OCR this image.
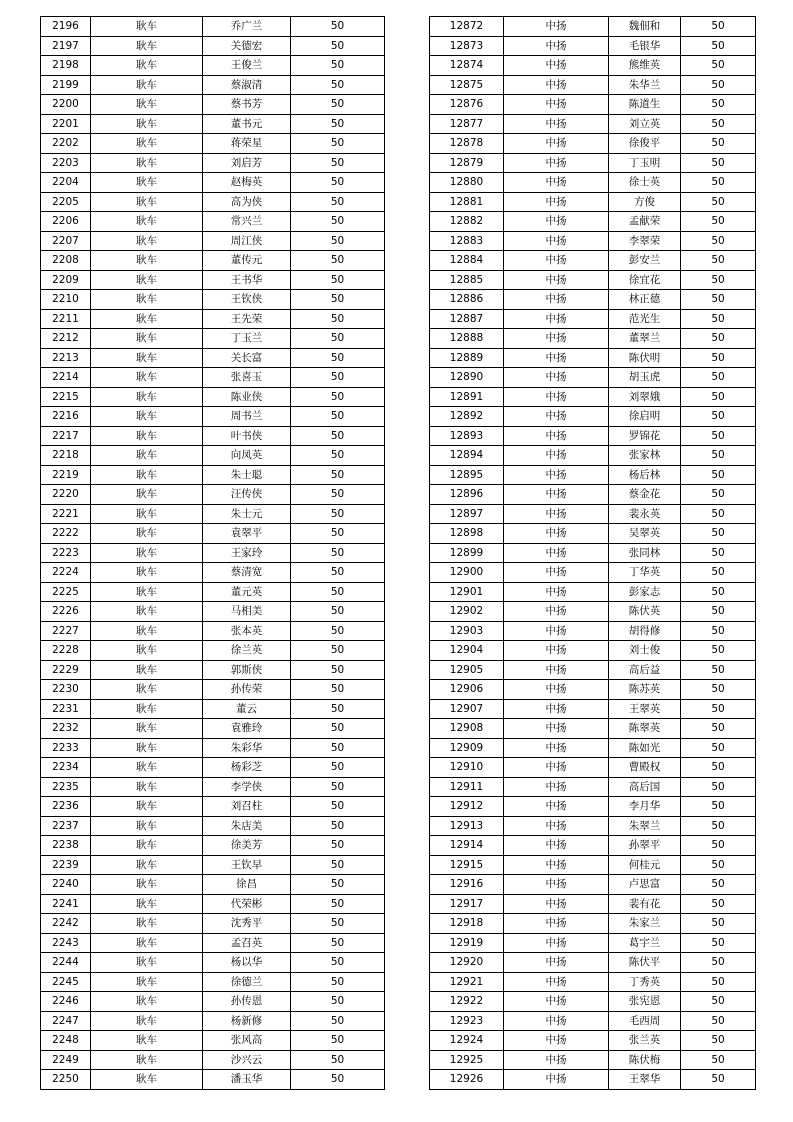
2196	耿车	乔广兰	50
2197	耿车	关德宏	50
2198	耿车	王俊兰	50
2199	耿车	蔡淑清	50
2200	耿车	蔡书芳	50
2201	耿车	董书元	50
2202	耿车	蒋荣星	50
2203	耿车	刘启芳	50
2204	耿车	赵梅英	50
2205	耿车	高为侠	50
2206	耿车	常兴兰	50
2207	耿车	周江侠	50
2208	耿车	董传元	50
2209	耿车	王书华	50
2210	耿车	王钦侠	50
2211	耿车	王先荣	50
2212	耿车	丁玉兰	50
2213	耿车	关长富	50
2214	耿车	张喜玉	50
2215	耿车	陈业侠	50
2216	耿车	周书兰	50
2217	耿车	叶书侠	50
2218	耿车	向凤英	50
2219	耿车	朱士聪	50
2220	耿车	汪传侠	50
2221	耿车	朱士元	50
2222	耿车	袁翠平	50
2223	耿车	王家玲	50
2224	耿车	蔡清宽	50
2225	耿车	董元英	50
2226	耿车	马相美	50
2227	耿车	张本英	50
2228	耿车	徐兰英	50
2229	耿车	郭斯侠	50
2230	耿车	孙传荣	50
2231	耿车	董云	50
2232	耿车	袁雅玲	50
2233	耿车	朱彩华	50
2234	耿车	杨彩芝	50
2235	耿车	李学侠	50
2236	耿车	刘召柱	50
2237	耿车	朱店美	50
2238	耿车	徐美芳	50
2239	耿车	王钦早	50
2240	耿车	徐昌	50
2241	耿车	代荣彬	50
2242	耿车	沈秀平	50
2243	耿车	孟召英	50
2244	耿车	杨以华	50
2245	耿车	徐德兰	50
2246	耿车	孙传恩	50
2247	耿车	杨新修	50
2248	耿车	张风高	50
2249	耿车	沙兴云	50
2250	耿车	潘玉华	50
12872	中扬	魏佃和	50
12873	中扬	毛银华	50
12874	中扬	熊维英	50
12875	中扬	朱华兰	50
12876	中扬	陈道生	50
12877	中扬	刘立英	50
12878	中扬	徐俊平	50
12879	中扬	丁玉明	50
12880	中扬	徐士英	50
12881	中扬	方俊	50
12882	中扬	孟献荣	50
12883	中扬	李翠荣	50
12884	中扬	彭安兰	50
12885	中扬	徐宜花	50
12886	中扬	林正德	50
12887	中扬	范光生	50
12888	中扬	董翠兰	50
12889	中扬	陈伏明	50
12890	中扬	胡玉虎	50
12891	中扬	刘翠娥	50
12892	中扬	徐启明	50
12893	中扬	罗锦花	50
12894	中扬	张家林	50
12895	中扬	杨后林	50
12896	中扬	蔡金花	50
12897	中扬	裴永英	50
12898	中扬	吴翠英	50
12899	中扬	张同林	50
12900	中扬	丁华英	50
12901	中扬	彭家志	50
12902	中扬	陈伏英	50
12903	中扬	胡得修	50
12904	中扬	刘士俊	50
12905	中扬	高后益	50
12906	中扬	陈苏英	50
12907	中扬	王翠英	50
12908	中扬	陈翠英	50
12909	中扬	陈如光	50
12910	中扬	曹殿权	50
12911	中扬	高后国	50
12912	中扬	李月华	50
12913	中扬	朱翠兰	50
12914	中扬	孙翠平	50
12915	中扬	何桂元	50
12916	中扬	卢思富	50
12917	中扬	裴有花	50
12918	中扬	朱家兰	50
12919	中扬	葛宇兰	50
12920	中扬	陈伏平	50
12921	中扬	丁秀英	50
12922	中扬	张宪恩	50
12923	中扬	毛西周	50
12924	中扬	张兰英	50
12925	中扬	陈伏梅	50
12926	中扬	王翠华	50
